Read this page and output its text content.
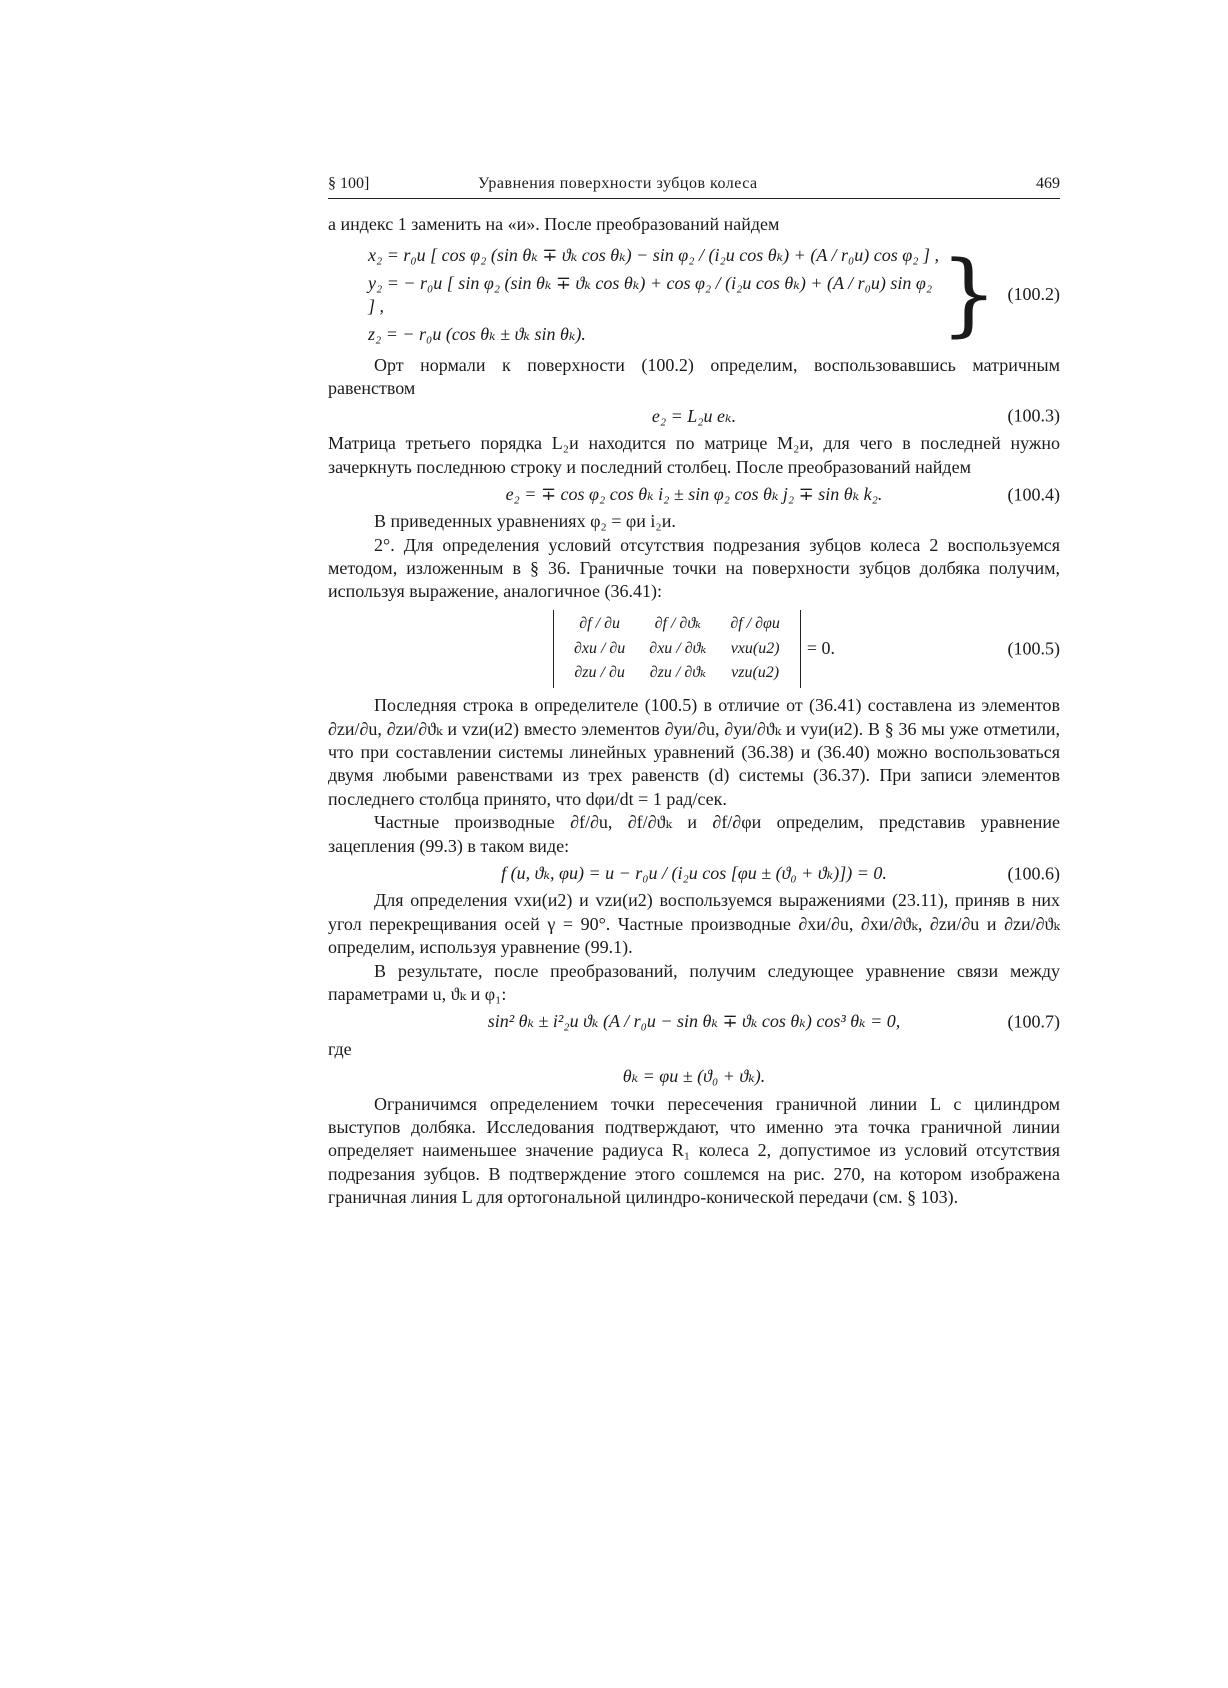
§ 100]	Уравнения поверхности зубцов колеса	469

а индекс 1 заменить на «и». После преобразований найдем

x₂ = r₀и [ cos φ₂ (sin θₖ ∓ ϑₖ cos θₖ) − sin φ₂ / (i₂и cos θₖ) + (A / r₀и) cos φ₂ ] ,
y₂ = − r₀и [ sin φ₂ (sin θₖ ∓ ϑₖ cos θₖ) + cos φ₂ / (i₂и cos θₖ) + (A / r₀и) sin φ₂ ] ,
z₂ = − r₀и (cos θₖ ± ϑₖ sin θₖ).	} (100.2)

Орт нормали к поверхности (100.2) определим, воспользовавшись матричным равенством

e₂ = L₂и eₖ.	(100.3)

Матрица третьего порядка L₂и находится по матрице M₂и, для чего в последней нужно зачеркнуть последнюю строку и последний столбец. После преобразований найдем

e₂ = ∓ cos φ₂ cos θₖ i₂ ± sin φ₂ cos θₖ j₂ ∓ sin θₖ k₂.	(100.4)

В приведенных уравнениях φ₂ = φи i₂и.

2°. Для определения условий отсутствия подрезания зубцов колеса 2 воспользуемся методом, изложенным в § 36. Граничные точки на поверхности зубцов долбяка получим, используя выражение, аналогичное (36.41):

∂f / ∂u	∂f / ∂ϑₖ	∂f / ∂φи
∂xи / ∂u	∂xи / ∂ϑₖ	vxи(и2)
∂zи / ∂u	∂zи / ∂ϑₖ	vzи(и2)
= 0.	(100.5)

Последняя строка в определителе (100.5) в отличие от (36.41) составлена из элементов ∂zи/∂u, ∂zи/∂ϑₖ и vzи(и2) вместо элементов ∂yи/∂u, ∂yи/∂ϑₖ и vyи(и2). В § 36 мы уже отметили, что при составлении системы линейных уравнений (36.38) и (36.40) можно воспользоваться двумя любыми равенствами из трех равенств (d) системы (36.37). При записи элементов последнего столбца принято, что dφи/dt = 1 рад/сек.

Частные производные ∂f/∂u, ∂f/∂ϑₖ и ∂f/∂φи определим, представив уравнение зацепления (99.3) в таком виде:

f (u, ϑₖ, φи) = u − r₀и / (i₂и cos [φи ± (ϑ₀ + ϑₖ)]) = 0.	(100.6)

Для определения vxи(и2) и vzи(и2) воспользуемся выражениями (23.11), приняв в них угол перекрещивания осей γ = 90°. Частные производные ∂xи/∂u, ∂xи/∂ϑₖ, ∂zи/∂u и ∂zи/∂ϑₖ определим, используя уравнение (99.1).

В результате, после преобразований, получим следующее уравнение связи между параметрами u, ϑₖ и φ₁:

sin² θₖ ± i²₂и ϑₖ (A / r₀и − sin θₖ ∓ ϑₖ cos θₖ) cos³ θₖ = 0,	(100.7)

где

θₖ = φи ± (ϑ₀ + ϑₖ).

Ограничимся определением точки пересечения граничной линии L с цилиндром выступов долбяка. Исследования подтверждают, что именно эта точка граничной линии определяет наименьшее значение радиуса R₁ колеса 2, допустимое из условий отсутствия подрезания зубцов. В подтверждение этого сошлемся на рис. 270, на котором изображена граничная линия L для ортогональной цилиндро-конической передачи (см. § 103).
